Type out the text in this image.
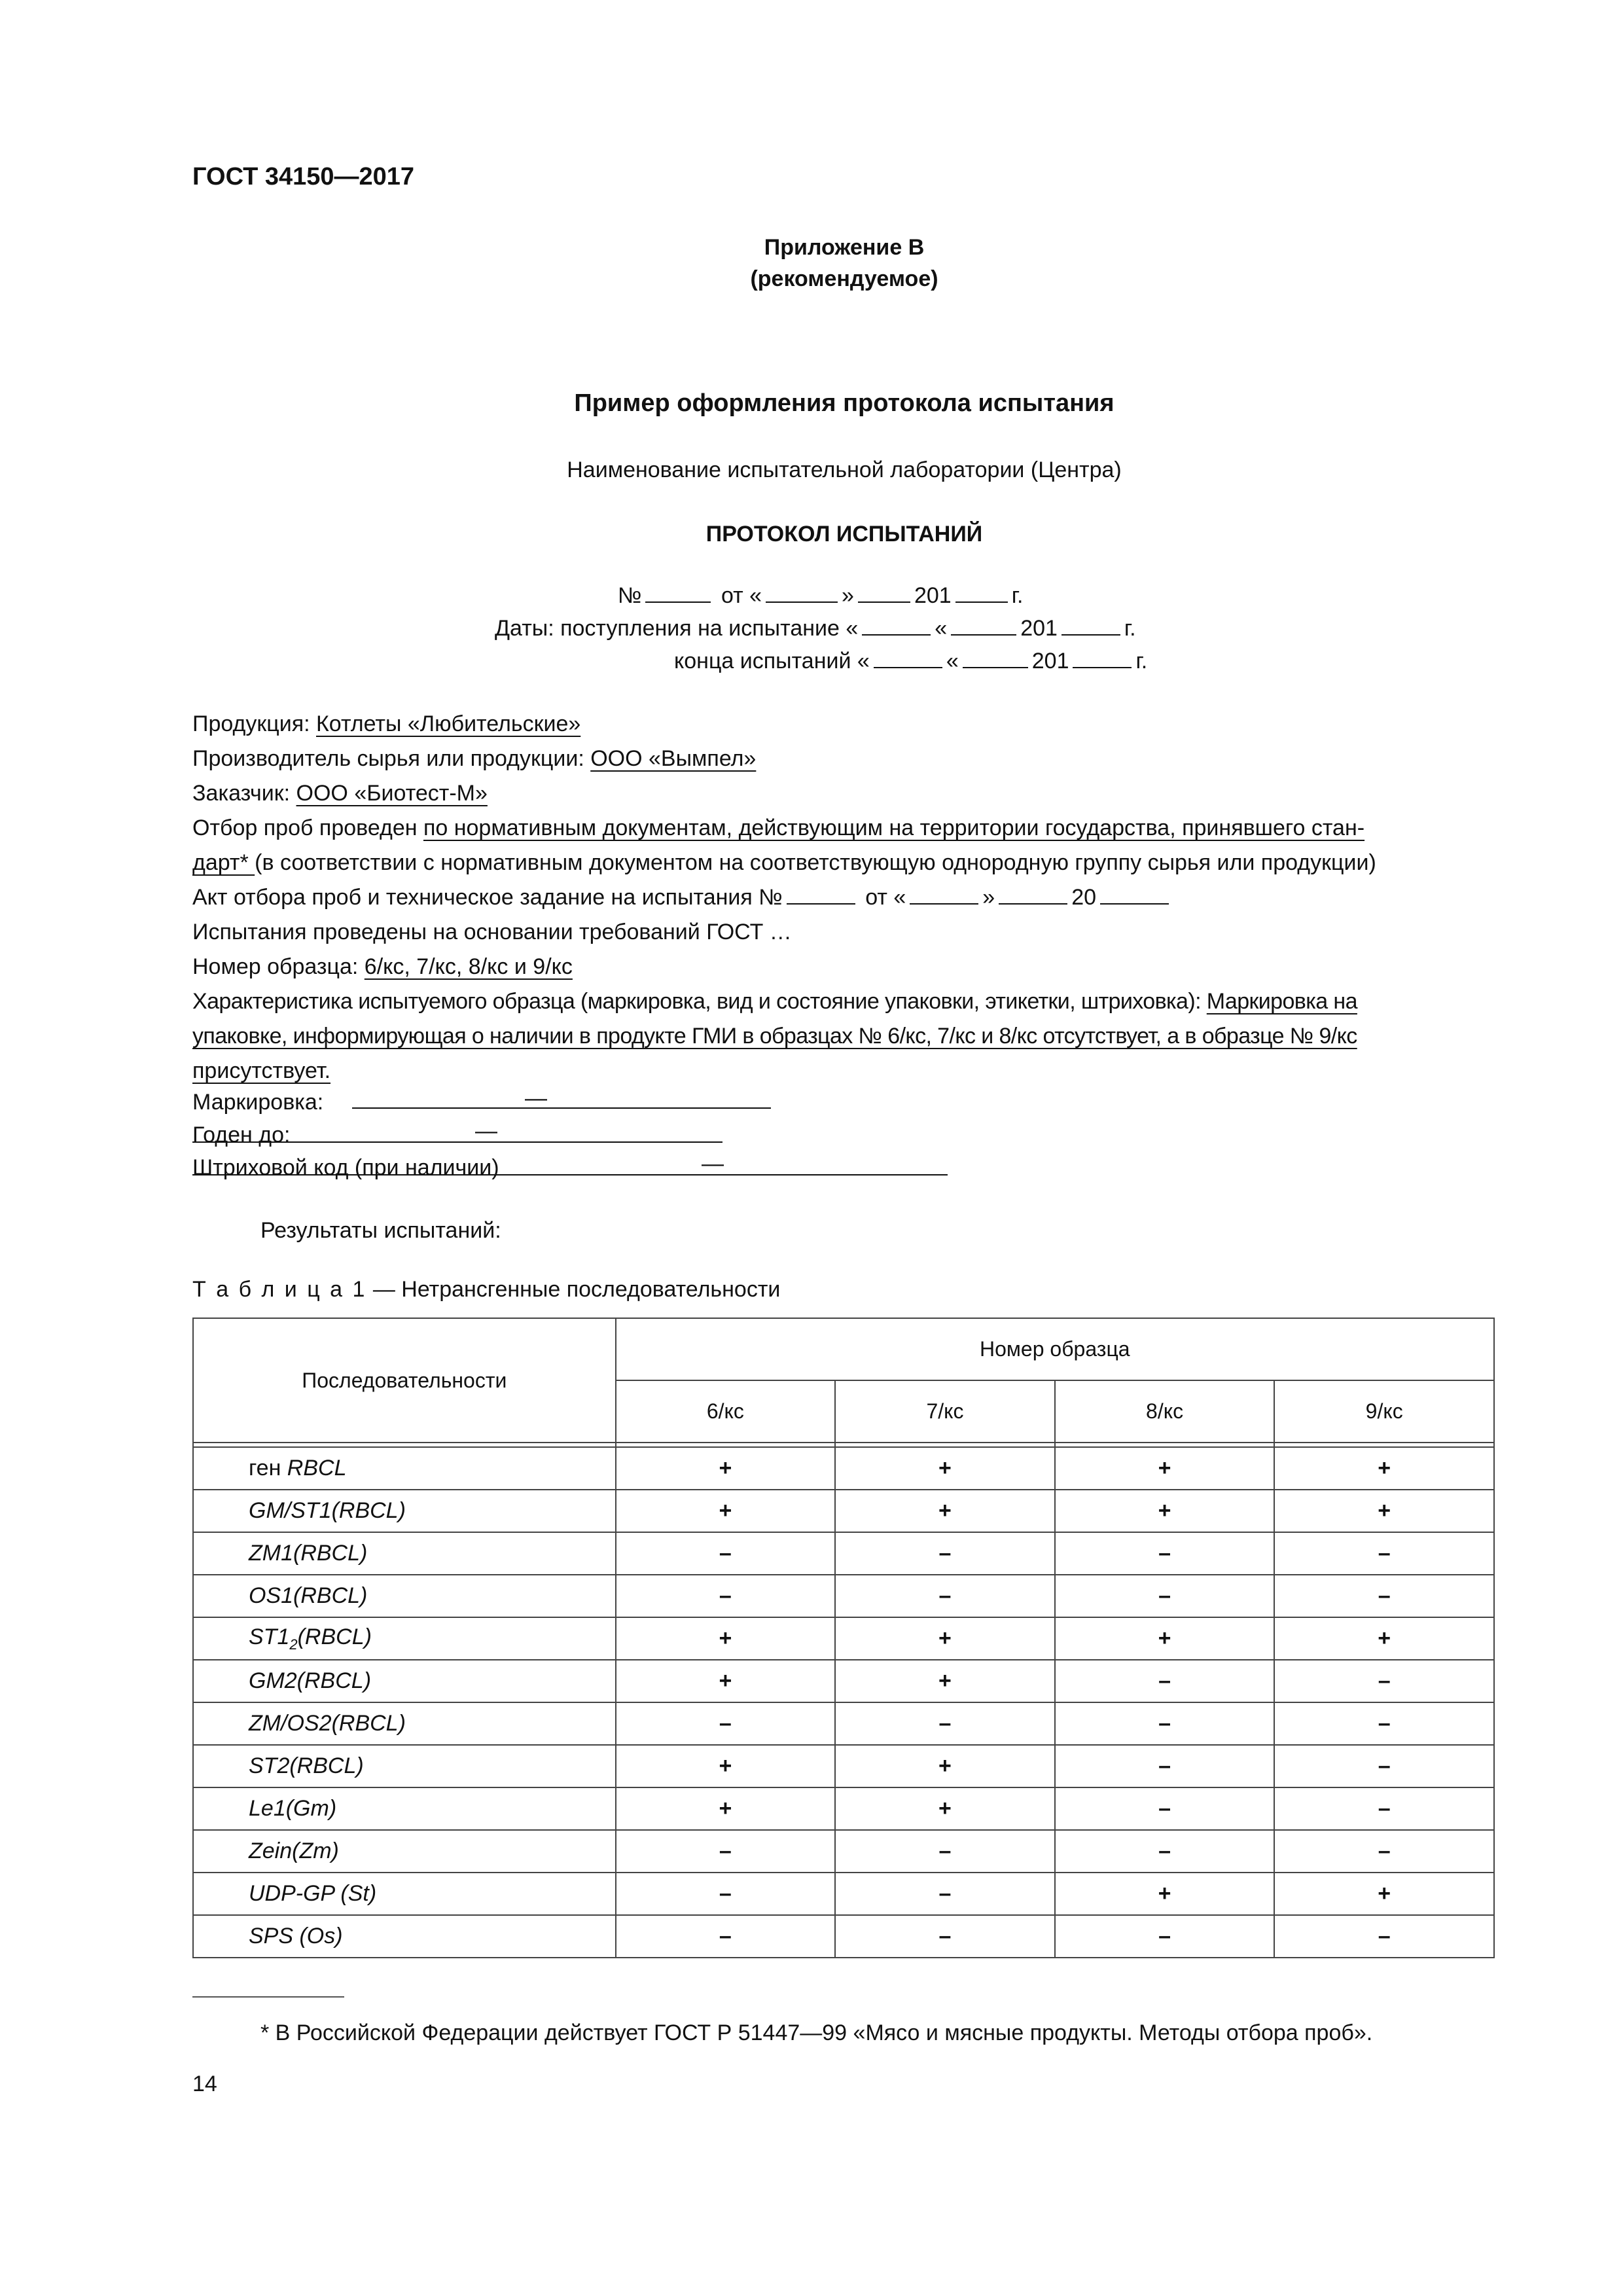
ГОСТ 34150—2017
Приложение В
(рекомендуемое)
Пример оформления протокола испытания
Наименование испытательной лаборатории (Центра)
ПРОТОКОЛ ИСПЫТАНИЙ
№	от «	»	201	г.
Даты: поступления на испытание «	«	201	г.
конца испытаний «	«	201	г.
Продукция: Котлеты «Любительские»
Производитель сырья или продукции: ООО «Вымпел»
Заказчик: ООО «Биотест-М»
Отбор проб проведен по нормативным документам, действующим на территории государства, принявшего стан-
дарт* (в соответствии с нормативным документом на соответствующую однородную группу сырья или продукции)
Акт отбора проб и техническое задание на испытания №	от «	»	20
Испытания проведены на основании требований ГОСТ …
Номер образца: 6/кс, 7/кс, 8/кс и 9/кс
Характеристика испытуемого образца (маркировка, вид и состояние упаковки, этикетки, штриховка): Маркировка на
упаковке, информирующая о наличии в продукте ГМИ в образцах № 6/кс, 7/кс и 8/кс отсутствует, а в образце № 9/кс
присутствует.
Маркировка:	—
Годен до:	—
Штриховой код (при наличии)	—
Результаты испытаний:
Т а б л и ц а 1 — Нетрансгенные последовательности
Последовательности	Номер образца			
	6/кс	7/кс	8/кс	9/кс

ген RBCL	+	+	+	+
GM/ST1(RBCL)	+	+	+	+
ZM1(RBCL)	–	–	–	–
OS1(RBCL)	–	–	–	–
$ST1_2(RBCL)$	+	+	+	+
GM2(RBCL)	+	+	–	–
ZM/OS2(RBCL)	–	–	–	–
ST2(RBCL)	+	+	–	–
Le1(Gm)	+	+	–	–
Zein(Zm)	–	–	–	–
UDP-GP (St)	–	–	+	+
SPS (Os)	–	–	–	–
* В Российской Федерации действует ГОСТ Р 51447—99 «Мясо и мясные продукты. Методы отбора проб».
14
